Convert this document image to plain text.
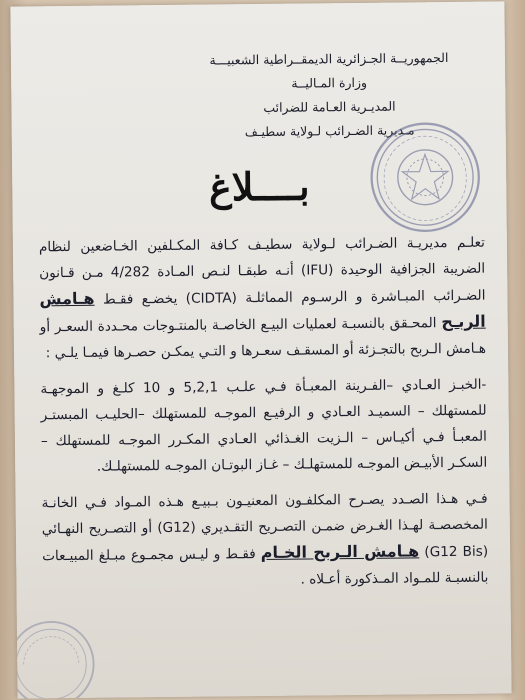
الجمهوريــة الجـزائرية الديمقــراطية الشعبيـــة
وزارة المـاليــة
المديـرية العـامة للضرائب
مـديرية الضـرائب لـولاية سطيـف
بــــلاغ

تعلـم مديريـة الضـرائب لـولاية سطيـف كـافة المكـلفين الخـاضعين لنظام الضريبة الجزافية الوحيدة (IFU) أنـه طبقـا لنـص المـادة 4/282 مـن قـانون الضـرائب المبـاشرة و الرسـوم المماثلـة (CIDTA) يخضـع فقـط هـامش الربـح المحـقق بالنسبـة لعمليات البيـع الخاصـة بالمنتـوجات محـددة السعـر أو هـامش الـربح بالتجـزئة أو المسقـف سعـرها و التـي يمكـن حصـرها فيمـا يلـي :

-الخبـز العـادي –الفـرينة المعبـأة فـي علـب 5,2,1 و 10 كلـغ و الموجهـة للمستهلك – السميـد العـادي و الرفيـع الموجـه للمستهلك –الحليـب المبستـر المعبـأ فـي أكيـاس – الـزيت الغـذائي العـادي المكـرر الموجـه للمستهلك – السكـر الأبيـض الموجـه للمستهلـك – غـاز البوتـان الموجـه للمستهلـك.

فـي هـذا الصـدد يصـرح المكلفـون المعنيـون بـبيـع هـذه المـواد فـي الخانـة المخصصـة لهـذا الغـرض ضمـن التصـريح التقـديري (G12) أو التصـريح النهـائي (G12 Bis) هـامش الـربح الخـام فقـط و ليـس مجمـوع مبـلغ المبيـعات بالنسبـة للمـواد المـذكورة أعـلاه .
